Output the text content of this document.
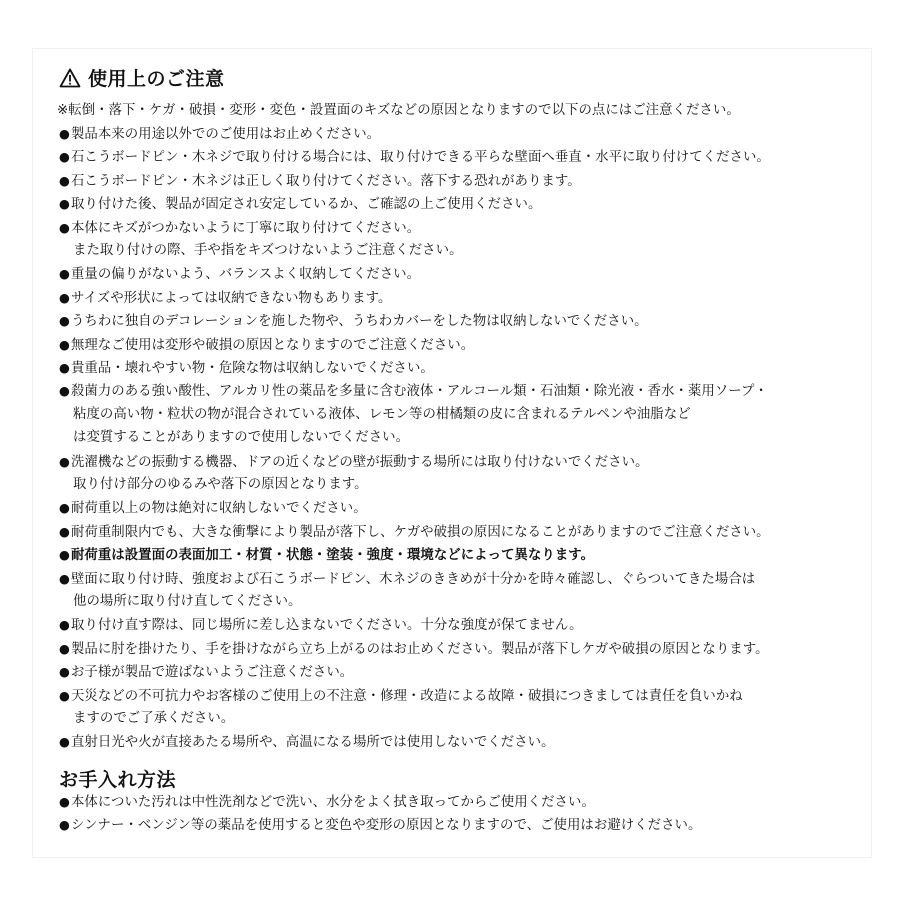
使用上のご注意
※転倒・落下・ケガ・破損・変形・変色・設置面のキズなどの原因となりますので以下の点にはご注意ください。
●製品本来の用途以外でのご使用はお止めください。
●石こうボードピン・木ネジで取り付ける場合には、取り付けできる平らな壁面へ垂直・水平に取り付けてください。
●石こうボードピン・木ネジは正しく取り付けてください。落下する恐れがあります。
●取り付けた後、製品が固定され安定しているか、ご確認の上ご使用ください。
●本体にキズがつかないように丁寧に取り付けてください。
また取り付けの際、手や指をキズつけないようご注意ください。
●重量の偏りがないよう、バランスよく収納してください。
●サイズや形状によっては収納できない物もあります。
●うちわに独自のデコレーションを施した物や、うちわカバーをした物は収納しないでください。
●無理なご使用は変形や破損の原因となりますのでご注意ください。
●貴重品・壊れやすい物・危険な物は収納しないでください。
●殺菌力のある強い酸性、アルカリ性の薬品を多量に含む液体・アルコール類・石油類・除光液・香水・薬用ソープ・
粘度の高い物・粒状の物が混合されている液体、レモン等の柑橘類の皮に含まれるテルペンや油脂など
は変質することがありますので使用しないでください。
●洗濯機などの振動する機器、ドアの近くなどの壁が振動する場所には取り付けないでください。
取り付け部分のゆるみや落下の原因となります。
●耐荷重以上の物は絶対に収納しないでください。
●耐荷重制限内でも、大きな衝撃により製品が落下し、ケガや破損の原因になることがありますのでご注意ください。
●耐荷重は設置面の表面加工・材質・状態・塗装・強度・環境などによって異なります。
●壁面に取り付け時、強度および石こうボードピン、木ネジのききめが十分かを時々確認し、ぐらついてきた場合は
他の場所に取り付け直してください。
●取り付け直す際は、同じ場所に差し込まないでください。十分な強度が保てません。
●製品に肘を掛けたり、手を掛けながら立ち上がるのはお止めください。製品が落下しケガや破損の原因となります。
●お子様が製品で遊ばないようご注意ください。
●天災などの不可抗力やお客様のご使用上の不注意・修理・改造による故障・破損につきましては責任を負いかね
ますのでご了承ください。
●直射日光や火が直接あたる場所や、高温になる場所では使用しないでください。
お手入れ方法
●本体についた汚れは中性洗剤などで洗い、水分をよく拭き取ってからご使用ください。
●シンナー・ベンジン等の薬品を使用すると変色や変形の原因となりますので、ご使用はお避けください。
